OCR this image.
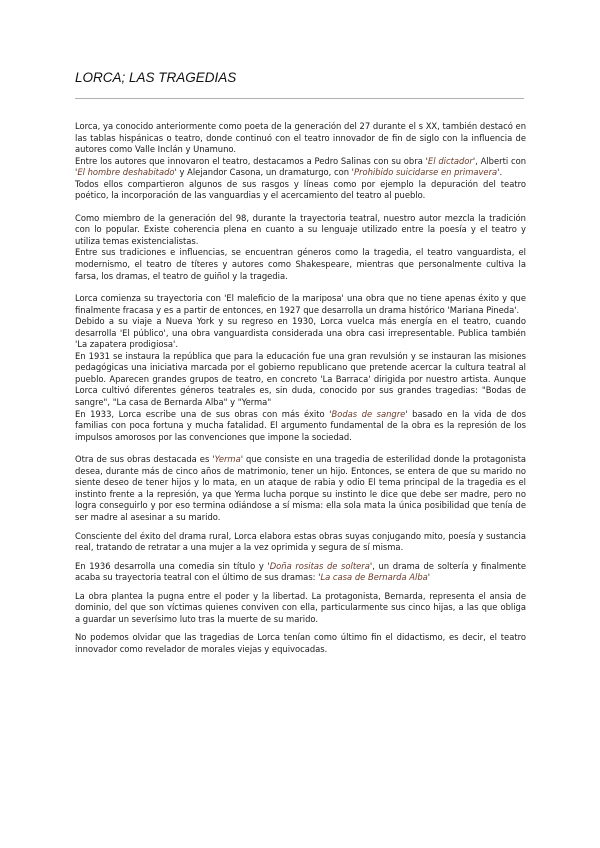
LORCA; LAS TRAGEDIAS

Lorca, ya conocido anteriormente como poeta de la generación del 27 durante el s XX, también destacó en las tablas hispánicas o teatro, donde continuó con el teatro innovador de fin de siglo con la influencia de autores como Valle Inclán y Unamuno.

Entre los autores que innovaron el teatro, destacamos a Pedro Salinas con su obra 'El dictador', Alberti con 'El hombre deshabitado' y Alejandor Casona, un dramaturgo, con 'Prohibido suicidarse en primavera'.

Todos ellos compartieron algunos de sus rasgos y líneas como por ejemplo la depuración del teatro poético, la incorporación de las vanguardias y el acercamiento del teatro al pueblo.

Como miembro de la generación del 98, durante la trayectoria teatral, nuestro autor mezcla la tradición con lo popular. Existe coherencia plena en cuanto a su lenguaje utilizado entre la poesía y el teatro y utiliza temas existencialistas.

Entre sus tradiciones e influencias, se encuentran géneros como la tragedia, el teatro vanguardista, el modernismo, el teatro de títeres y autores como Shakespeare, mientras que personalmente cultiva la farsa, los dramas, el teatro de guiñol y la tragedia.

Lorca comienza su trayectoria con 'El maleficio de la mariposa' una obra que no tiene apenas éxito y que finalmente fracasa y es a partir de entonces, en 1927 que desarrolla un drama histórico 'Mariana Pineda'.

Debido a su viaje a Nueva York y su regreso en 1930, Lorca vuelca más energía en el teatro, cuando desarrolla 'El público', una obra vanguardista considerada una obra casi irrepresentable. Publica también 'La zapatera prodigiosa'.

En 1931 se instaura la república que para la educación fue una gran revulsión y se instauran las misiones pedagógicas una iniciativa marcada por el gobierno republicano que pretende acercar la cultura teatral al pueblo. Aparecen grandes grupos de teatro, en concreto 'La Barraca' dirigida por nuestro artista. Aunque Lorca cultivó diferentes géneros teatrales es, sin duda, conocido por sus grandes tragedias: "Bodas de sangre", "La casa de Bernarda Alba" y "Yerma"

En 1933, Lorca escribe una de sus obras con más éxito 'Bodas de sangre' basado en la vida de dos familias con poca fortuna y mucha fatalidad. El argumento fundamental de la obra es la represión de los impulsos amorosos por las convenciones que impone la sociedad.

Otra de sus obras destacada es 'Yerma' que consiste en una tragedia de esterilidad donde la protagonista desea, durante más de cinco años de matrimonio, tener un hijo. Entonces, se entera de que su marido no siente deseo de tener hijos y lo mata, en un ataque de rabia y odio El tema principal de la tragedia es el instinto frente a la represión, ya que Yerma lucha porque su instinto le dice que debe ser madre, pero no logra conseguirlo y por eso termina odiándose a sí misma: ella sola mata la única posibilidad que tenía de ser madre al asesinar a su marido.

Consciente del éxito del drama rural, Lorca elabora estas obras suyas conjugando mito, poesía y sustancia real, tratando de retratar a una mujer a la vez oprimida y segura de sí misma.

En 1936 desarrolla una comedia sin título y 'Doña rositas de soltera', un drama de soltería y finalmente acaba su trayectoria teatral con el último de sus dramas: 'La casa de Bernarda Alba'

La obra plantea la pugna entre el poder y la libertad. La protagonista, Bernarda, representa el ansia de dominio, del que son víctimas quienes conviven con ella, particularmente sus cinco hijas, a las que obliga a guardar un severísimo luto tras la muerte de su marido.

No podemos olvidar que las tragedias de Lorca tenían como último fin el didactismo, es decir, el teatro innovador como revelador de morales viejas y equivocadas.
